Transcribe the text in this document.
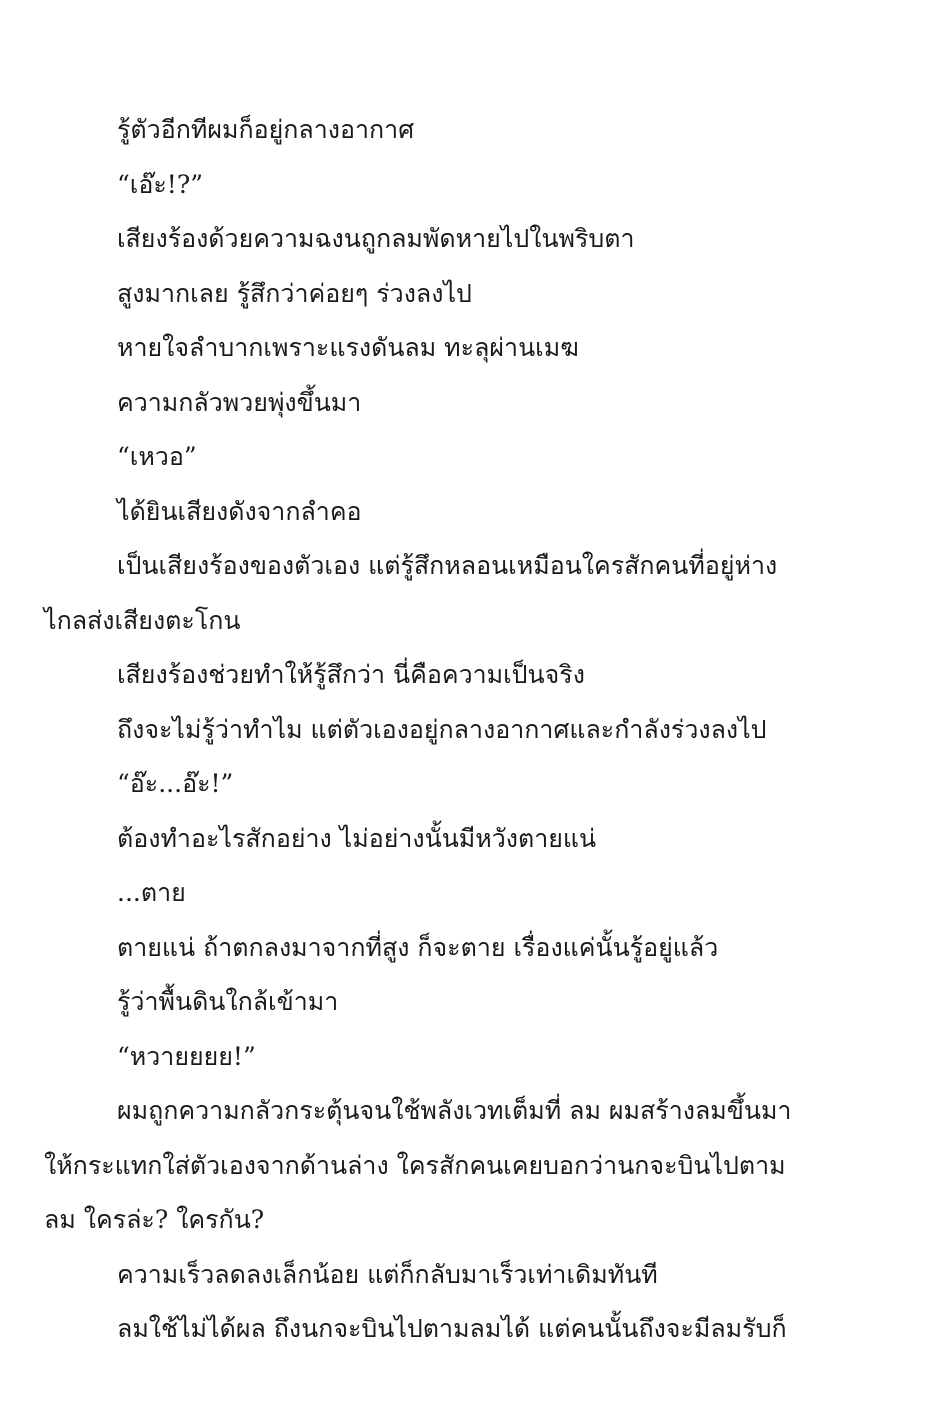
รู้ตัวอีกทีผมก็อยู่กลางอากาศ
“เอ๊ะ!?”
เสียงร้องด้วยความฉงนถูกลมพัดหายไปในพริบตา
สูงมากเลย รู้สึกว่าค่อยๆ ร่วงลงไป
หายใจลำบากเพราะแรงดันลม ทะลุผ่านเมฆ
ความกลัวพวยพุ่งขึ้นมา
“เหวอ”
ได้ยินเสียงดังจากลำคอ
เป็นเสียงร้องของตัวเอง แต่รู้สึกหลอนเหมือนใครสักคนที่อยู่ห่าง
ไกลส่งเสียงตะโกน
เสียงร้องช่วยทำให้รู้สึกว่า นี่คือความเป็นจริง
ถึงจะไม่รู้ว่าทำไม แต่ตัวเองอยู่กลางอากาศและกำลังร่วงลงไป
“อ๊ะ...อ๊ะ!”
ต้องทำอะไรสักอย่าง ไม่อย่างนั้นมีหวังตายแน่
...ตาย
ตายแน่ ถ้าตกลงมาจากที่สูง ก็จะตาย เรื่องแค่นั้นรู้อยู่แล้ว
รู้ว่าพื้นดินใกล้เข้ามา
“หวายยยย!”
ผมถูกความกลัวกระตุ้นจนใช้พลังเวทเต็มที่ ลม ผมสร้างลมขึ้นมา
ให้กระแทกใส่ตัวเองจากด้านล่าง ใครสักคนเคยบอกว่านกจะบินไปตาม
ลม ใครล่ะ? ใครกัน?
ความเร็วลดลงเล็กน้อย แต่ก็กลับมาเร็วเท่าเดิมทันที
ลมใช้ไม่ได้ผล ถึงนกจะบินไปตามลมได้ แต่คนนั้นถึงจะมีลมรับก็
